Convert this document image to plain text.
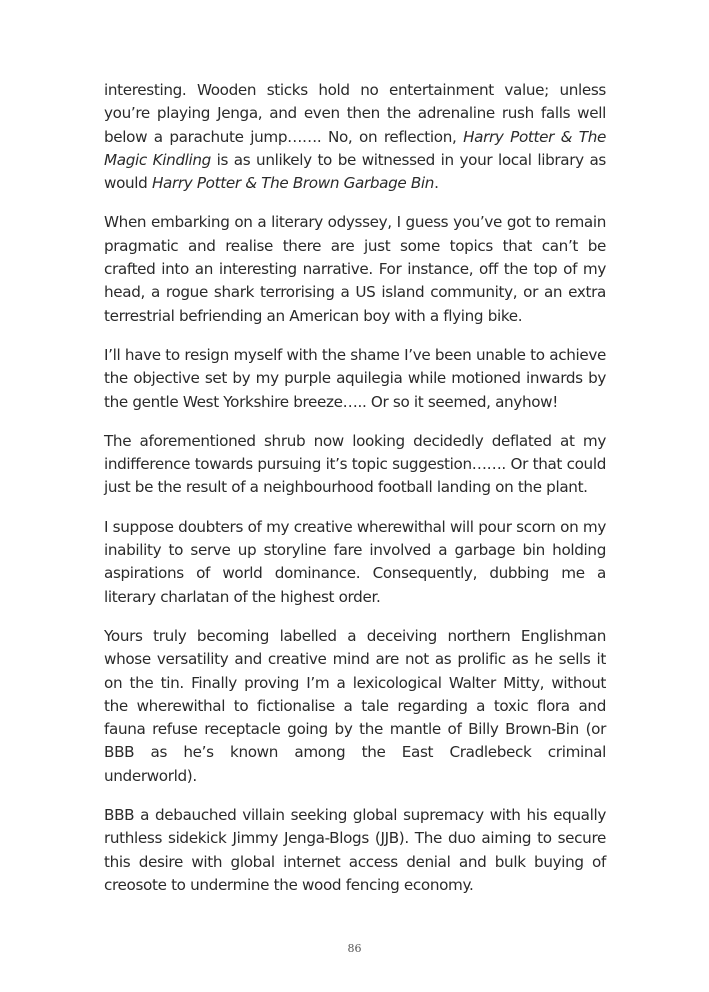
interesting. Wooden sticks hold no entertainment value; unless you’re playing Jenga, and even then the adrenaline rush falls well below a parachute jump……. No, on reflection, Harry Potter & The Magic Kindling is as unlikely to be witnessed in your local library as would Harry Potter & The Brown Garbage Bin.

When embarking on a literary odyssey, I guess you’ve got to remain pragmatic and realise there are just some topics that can’t be crafted into an interesting narrative. For instance, off the top of my head, a rogue shark terrorising a US island community, or an extra terrestrial befriending an American boy with a flying bike.

I’ll have to resign myself with the shame I’ve been unable to achieve the objective set by my purple aquilegia while motioned inwards by the gentle West Yorkshire breeze….. Or so it seemed, anyhow!

The aforementioned shrub now looking decidedly deflated at my indifference towards pursuing it’s topic suggestion……. Or that could just be the result of a neighbourhood football landing on the plant.

I suppose doubters of my creative wherewithal will pour scorn on my inability to serve up storyline fare involved a garbage bin holding aspirations of world dominance. Consequently, dubbing me a literary charlatan of the highest order.

Yours truly becoming labelled a deceiving northern Englishman whose versatility and creative mind are not as prolific as he sells it on the tin. Finally proving I’m a lexicological Walter Mitty, without the wherewithal to fictionalise a tale regarding a toxic flora and fauna refuse receptacle going by the mantle of Billy Brown-Bin (or BBB as he’s known among the East Cradlebeck criminal underworld).

BBB a debauched villain seeking global supremacy with his equally ruthless sidekick Jimmy Jenga-Blogs (JJB). The duo aiming to secure this desire with global internet access denial and bulk buying of creosote to undermine the wood fencing economy.

86
